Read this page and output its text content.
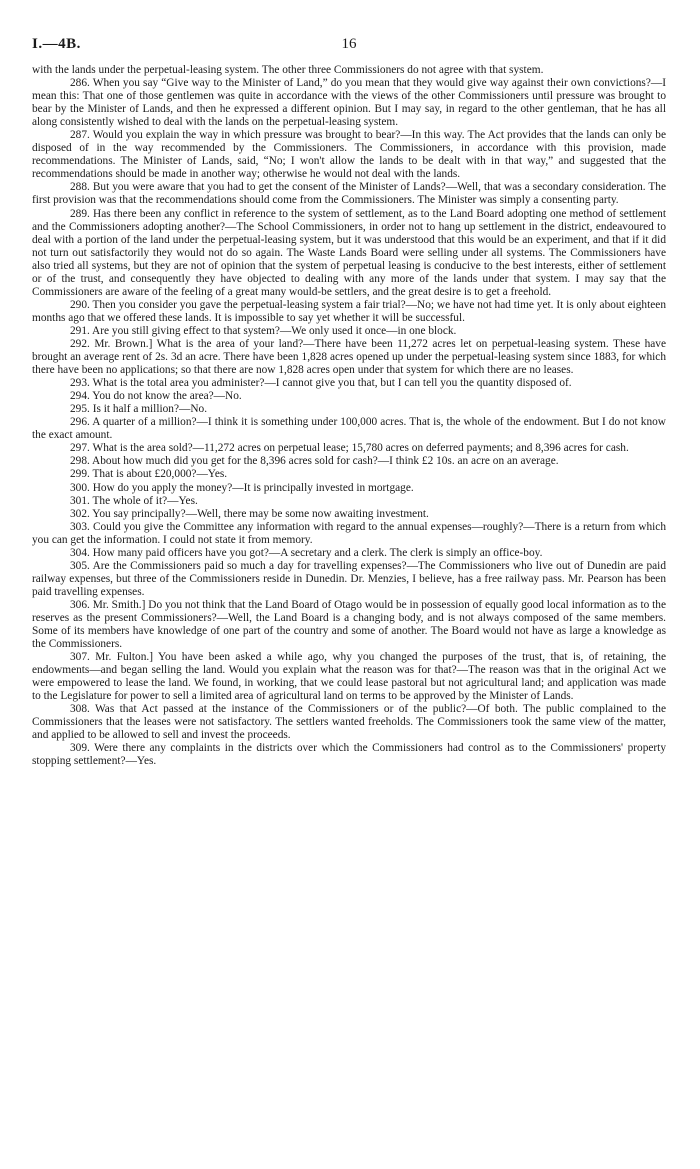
I.—4B.	16

with the lands under the perpetual-leasing system. The other three Commissioners do not agree with that system.

286. When you say “Give way to the Minister of Land,” do you mean that they would give way against their own convictions?—I mean this: That one of those gentlemen was quite in accordance with the views of the other Commissioners until pressure was brought to bear by the Minister of Lands, and then he expressed a different opinion. But I may say, in regard to the other gentleman, that he has all along consistently wished to deal with the lands on the perpetual-leasing system.

287. Would you explain the way in which pressure was brought to bear?—In this way. The Act provides that the lands can only be disposed of in the way recommended by the Commissioners. The Commissioners, in accordance with this provision, made recommendations. The Minister of Lands, said, “No; I won't allow the lands to be dealt with in that way,” and suggested that the recommendations should be made in another way; otherwise he would not deal with the lands.

288. But you were aware that you had to get the consent of the Minister of Lands?—Well, that was a secondary consideration. The first provision was that the recommendations should come from the Commissioners. The Minister was simply a consenting party.

289. Has there been any conflict in reference to the system of settlement, as to the Land Board adopting one method of settlement and the Commissioners adopting another?—The School Commissioners, in order not to hang up settlement in the district, endeavoured to deal with a portion of the land under the perpetual-leasing system, but it was understood that this would be an experiment, and that if it did not turn out satisfactorily they would not do so again. The Waste Lands Board were selling under all systems. The Commissioners have also tried all systems, but they are not of opinion that the system of perpetual leasing is conducive to the best interests, either of settlement or of the trust, and consequently they have objected to dealing with any more of the lands under that system. I may say that the Commissioners are aware of the feeling of a great many would-be settlers, and the great desire is to get a freehold.

290. Then you consider you gave the perpetual-leasing system a fair trial?—No; we have not had time yet. It is only about eighteen months ago that we offered these lands. It is impossible to say yet whether it will be successful.

291. Are you still giving effect to that system?—We only used it once—in one block.

292. Mr. Brown.] What is the area of your land?—There have been 11,272 acres let on perpetual-leasing system. These have brought an average rent of 2s. 3d an acre. There have been 1,828 acres opened up under the perpetual-leasing system since 1883, for which there have been no applications; so that there are now 1,828 acres open under that system for which there are no leases.

293. What is the total area you administer?—I cannot give you that, but I can tell you the quantity disposed of.

294. You do not know the area?—No.

295. Is it half a million?—No.

296. A quarter of a million?—I think it is something under 100,000 acres. That is, the whole of the endowment. But I do not know the exact amount.

297. What is the area sold?—11,272 acres on perpetual lease; 15,780 acres on deferred payments; and 8,396 acres for cash.

298. About how much did you get for the 8,396 acres sold for cash?—I think £2 10s. an acre on an average.

299. That is about £20,000?—Yes.

300. How do you apply the money?—It is principally invested in mortgage.

301. The whole of it?—Yes.

302. You say principally?—Well, there may be some now awaiting investment.

303. Could you give the Committee any information with regard to the annual expenses—roughly?—There is a return from which you can get the information. I could not state it from memory.

304. How many paid officers have you got?—A secretary and a clerk. The clerk is simply an office-boy.

305. Are the Commissioners paid so much a day for travelling expenses?—The Commissioners who live out of Dunedin are paid railway expenses, but three of the Commissioners reside in Dunedin. Dr. Menzies, I believe, has a free railway pass. Mr. Pearson has been paid travelling expenses.

306. Mr. Smith.] Do you not think that the Land Board of Otago would be in possession of equally good local information as to the reserves as the present Commissioners?—Well, the Land Board is a changing body, and is not always composed of the same members. Some of its members have knowledge of one part of the country and some of another. The Board would not have as large a knowledge as the Commissioners.

307. Mr. Fulton.] You have been asked a while ago, why you changed the purposes of the trust, that is, of retaining, the endowments—and began selling the land. Would you explain what the reason was for that?—The reason was that in the original Act we were empowered to lease the land. We found, in working, that we could lease pastoral but not agricultural land; and application was made to the Legislature for power to sell a limited area of agricultural land on terms to be approved by the Minister of Lands.

308. Was that Act passed at the instance of the Commissioners or of the public?—Of both. The public complained to the Commissioners that the leases were not satisfactory. The settlers wanted freeholds. The Commissioners took the same view of the matter, and applied to be allowed to sell and invest the proceeds.

309. Were there any complaints in the districts over which the Commissioners had control as to the Commissioners' property stopping settlement?—Yes.
